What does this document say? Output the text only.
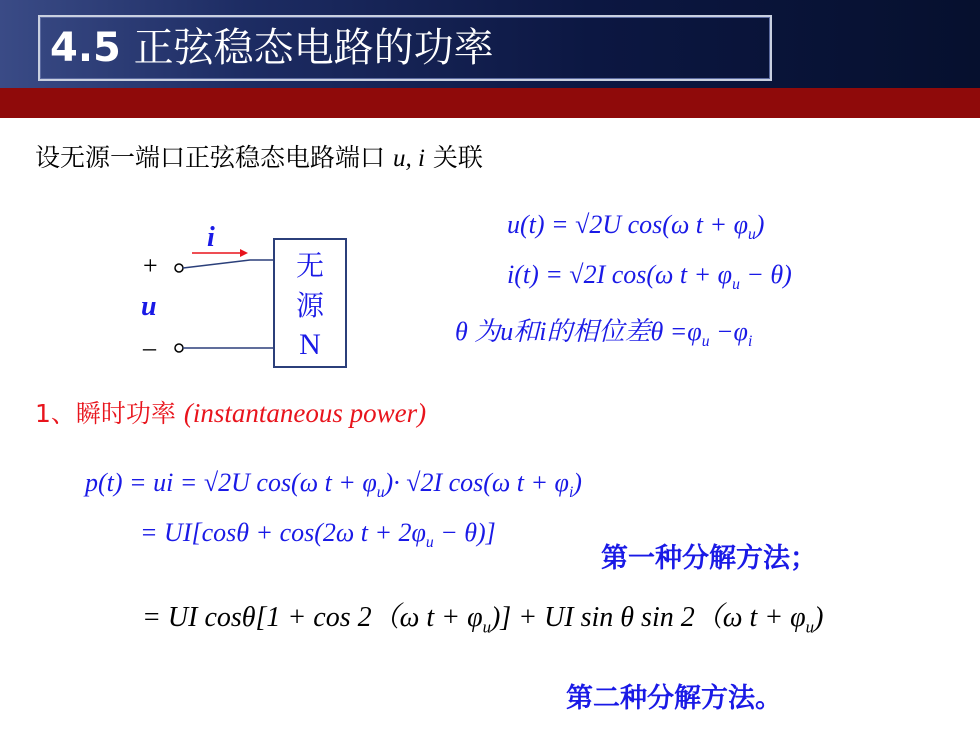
4.5 正弦稳态电路的功率
设无源一端口正弦稳态电路端口 u, i 关联
i
+
u
–
无
源
N
u(t) = √2U cos(ω $t + \varphi_u$)
i(t) = √2I cos(ω $t + \varphi_u - \theta$)
θ 为u和i的相位差$\theta =\varphi_u -\varphi_i$
1、瞬时功率 (instantaneous power)
p(t) = ui = √2U cos(ω $t + \varphi_u)\cdot √2I$ cos(ω $t + \varphi_i$)
= UI[cosθ + cos(2ω $t + 2\varphi_u - \theta$)]
第一种分解方法；
= UI cosθ[1 + cos 2（ω $t + \varphi_u$)] + UI sin θ sin 2（ω $t + \varphi_u$)
第二种分解方法。
